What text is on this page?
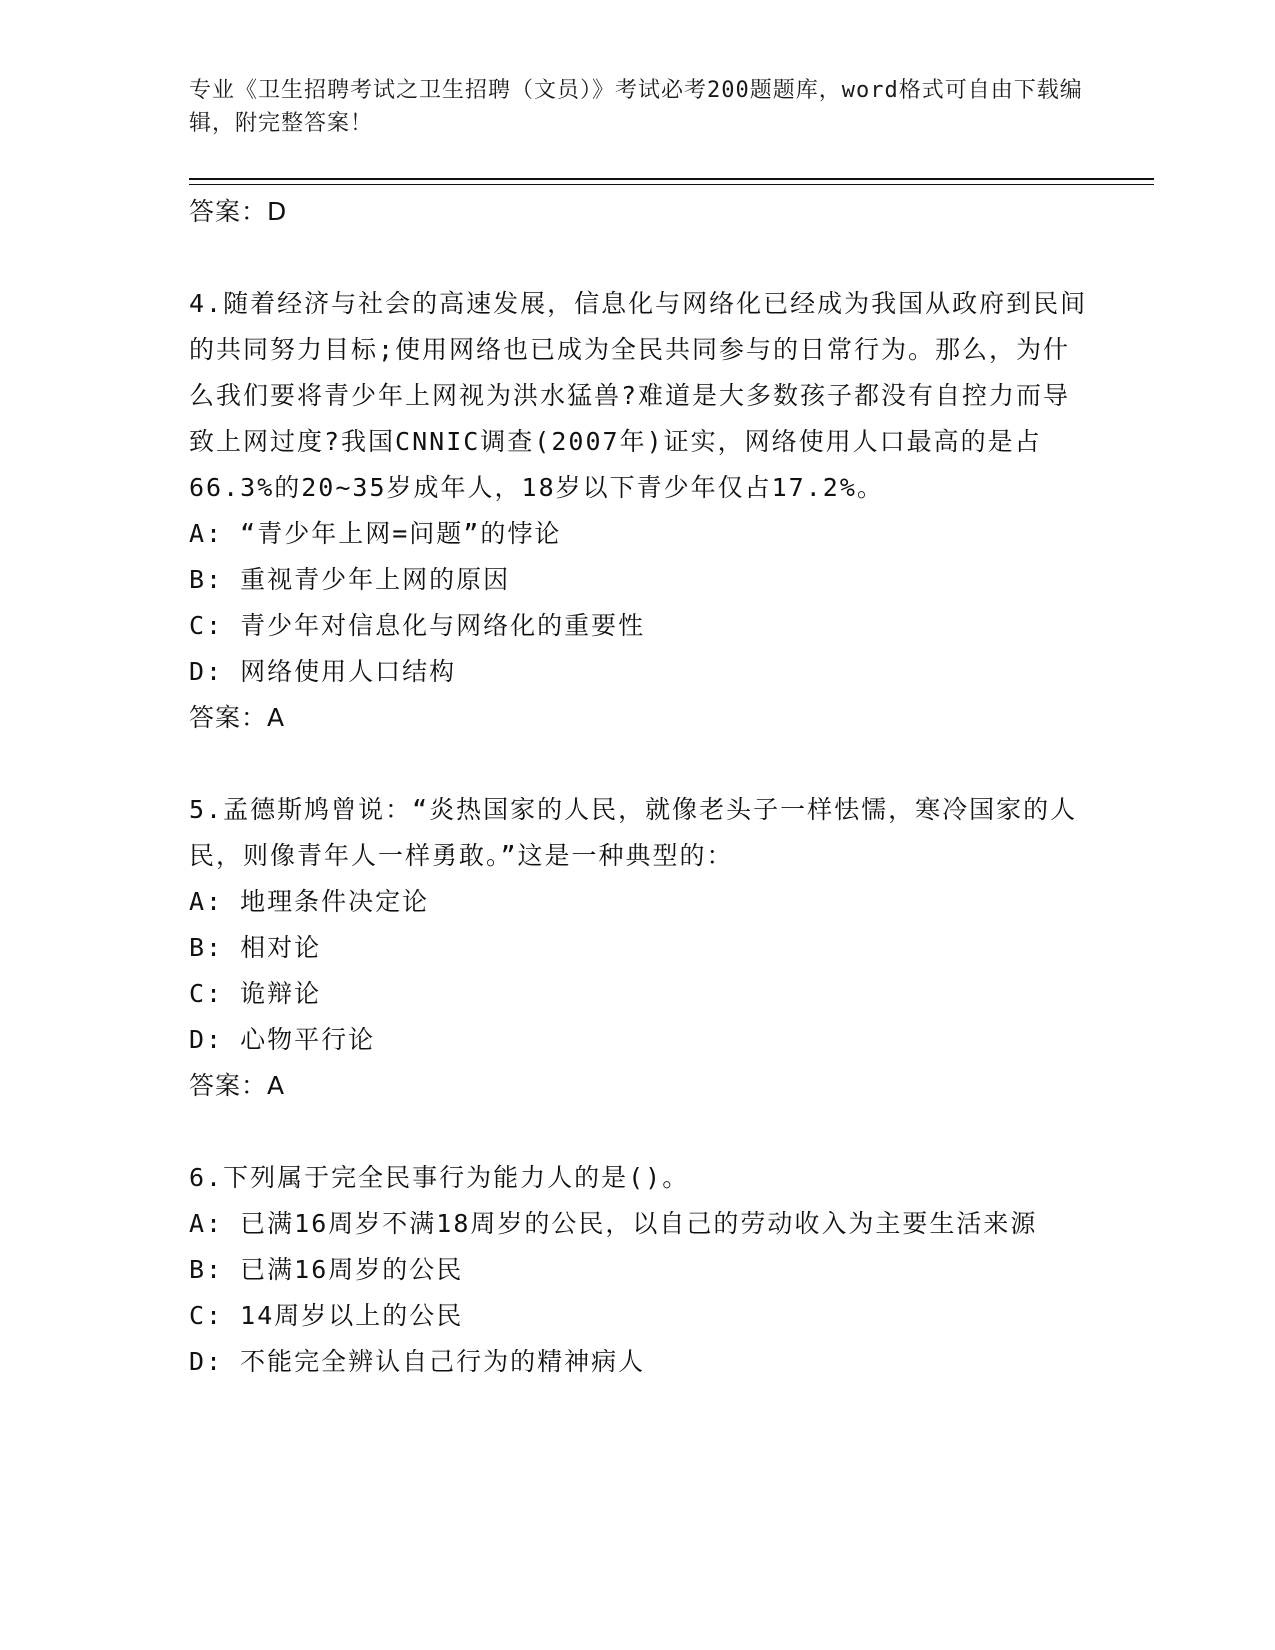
专业《卫生招聘考试之卫生招聘（文员）》考试必考200题题库，word格式可自由下载编辑，附完整答案！
答案：D
4.随着经济与社会的高速发展，信息化与网络化已经成为我国从政府到民间的共同努力目标;使用网络也已成为全民共同参与的日常行为。那么，为什么我们要将青少年上网视为洪水猛兽?难道是大多数孩子都没有自控力而导致上网过度?我国CNNIC调查(2007年)证实，网络使用人口最高的是占66.3%的20~35岁成年人，18岁以下青少年仅占17.2%。
A: “青少年上网=问题”的悖论
B: 重视青少年上网的原因
C: 青少年对信息化与网络化的重要性
D: 网络使用人口结构
答案：A
5.孟德斯鸠曾说：“炎热国家的人民，就像老头子一样怯懦，寒冷国家的人民，则像青年人一样勇敢。”这是一种典型的：
A: 地理条件决定论
B: 相对论
C: 诡辩论
D: 心物平行论
答案：A
6.下列属于完全民事行为能力人的是()。
A: 已满16周岁不满18周岁的公民，以自己的劳动收入为主要生活来源
B: 已满16周岁的公民
C: 14周岁以上的公民
D: 不能完全辨认自己行为的精神病人
